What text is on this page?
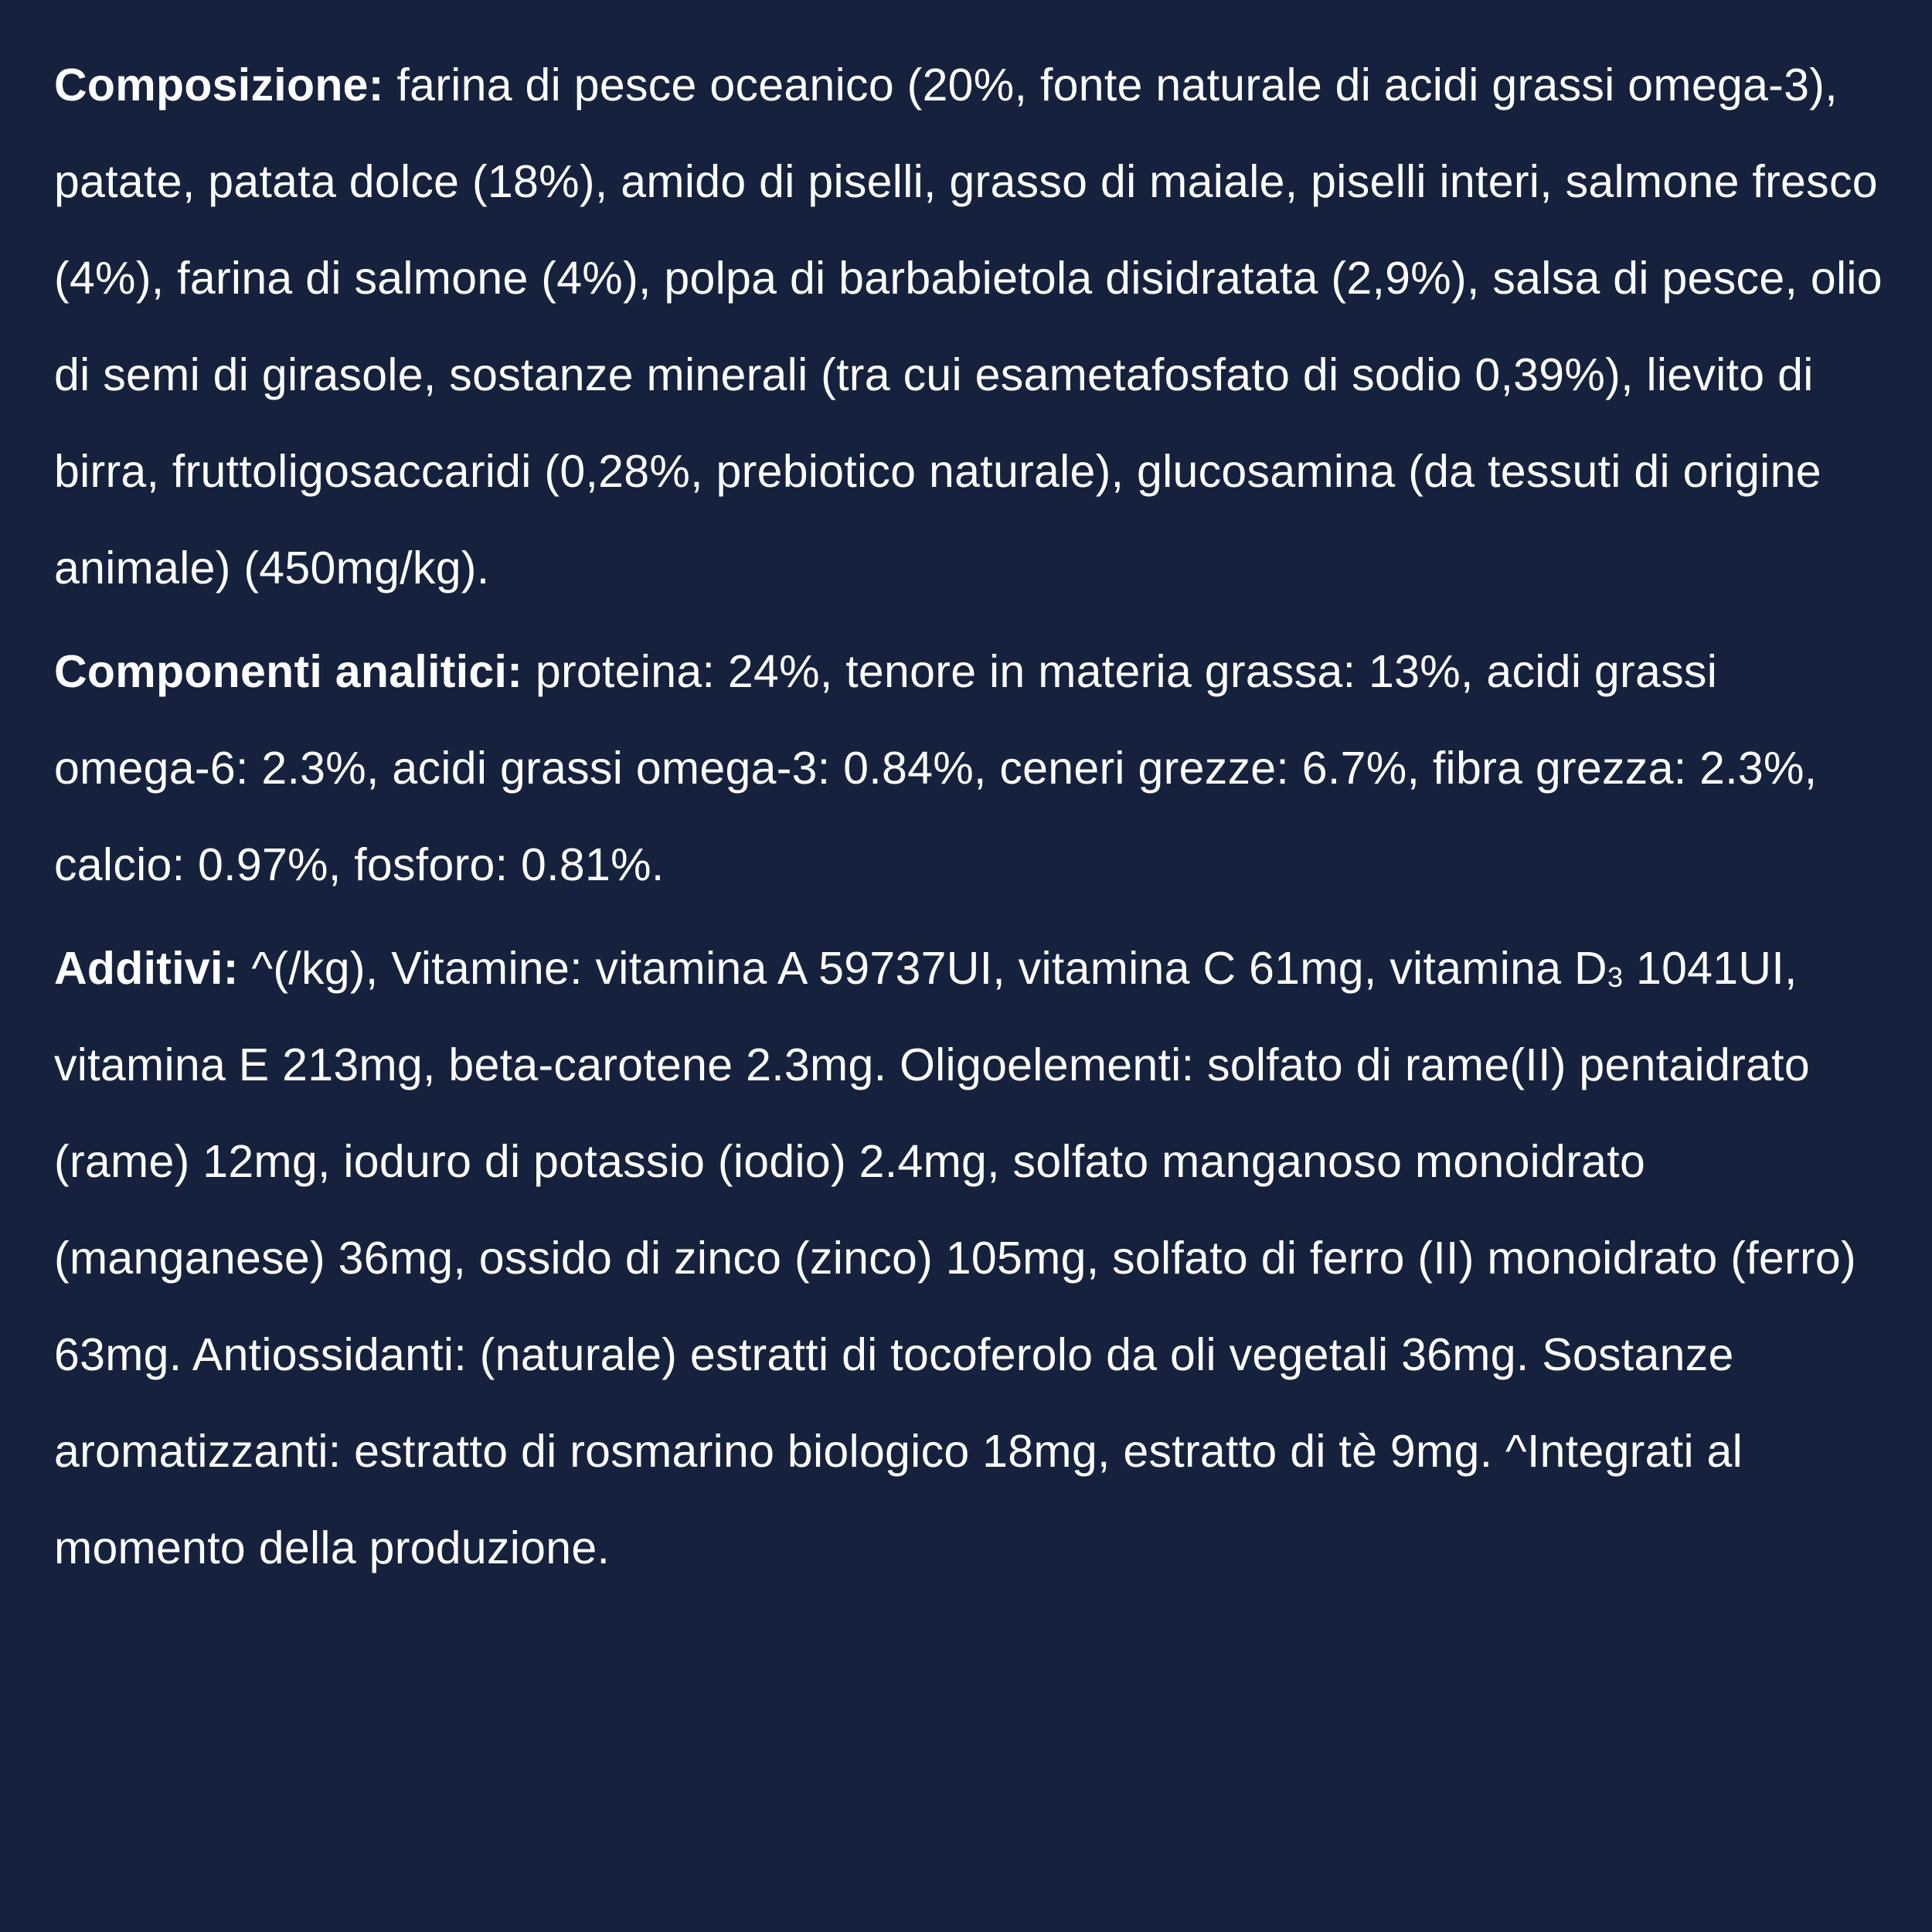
Composizione: farina di pesce oceanico (20%, fonte naturale di acidi grassi omega-3), patate, patata dolce (18%), amido di piselli, grasso di maiale, piselli interi, salmone fresco (4%), farina di salmone (4%), polpa di barbabietola disidratata (2,9%), salsa di pesce, olio di semi di girasole, sostanze minerali (tra cui esametafosfato di sodio 0,39%), lievito di birra, fruttoligosaccaridi (0,28%, prebiotico naturale), glucosamina (da tessuti di origine animale) (450mg/kg).

Componenti analitici: proteina: 24%, tenore in materia grassa: 13%, acidi grassi omega-6: 2.3%, acidi grassi omega-3: 0.84%, ceneri grezze: 6.7%, fibra grezza: 2.3%, calcio: 0.97%, fosforo: 0.81%.

Additivi: ^(/kg), Vitamine: vitamina A 59737UI, vitamina C 61mg, vitamina $D_3$ 1041UI, vitamina E 213mg, beta-carotene 2.3mg. Oligoelementi: solfato di rame(II) pentaidrato (rame) 12mg, ioduro di potassio (iodio) 2.4mg, solfato manganoso monoidrato (manganese) 36mg, ossido di zinco (zinco) 105mg, solfato di ferro (II) monoidrato (ferro) 63mg. Antiossidanti: (naturale) estratti di tocoferolo da oli vegetali 36mg. Sostanze aromatizzanti: estratto di rosmarino biologico 18mg, estratto di tè 9mg. ^Integrati al momento della produzione.
